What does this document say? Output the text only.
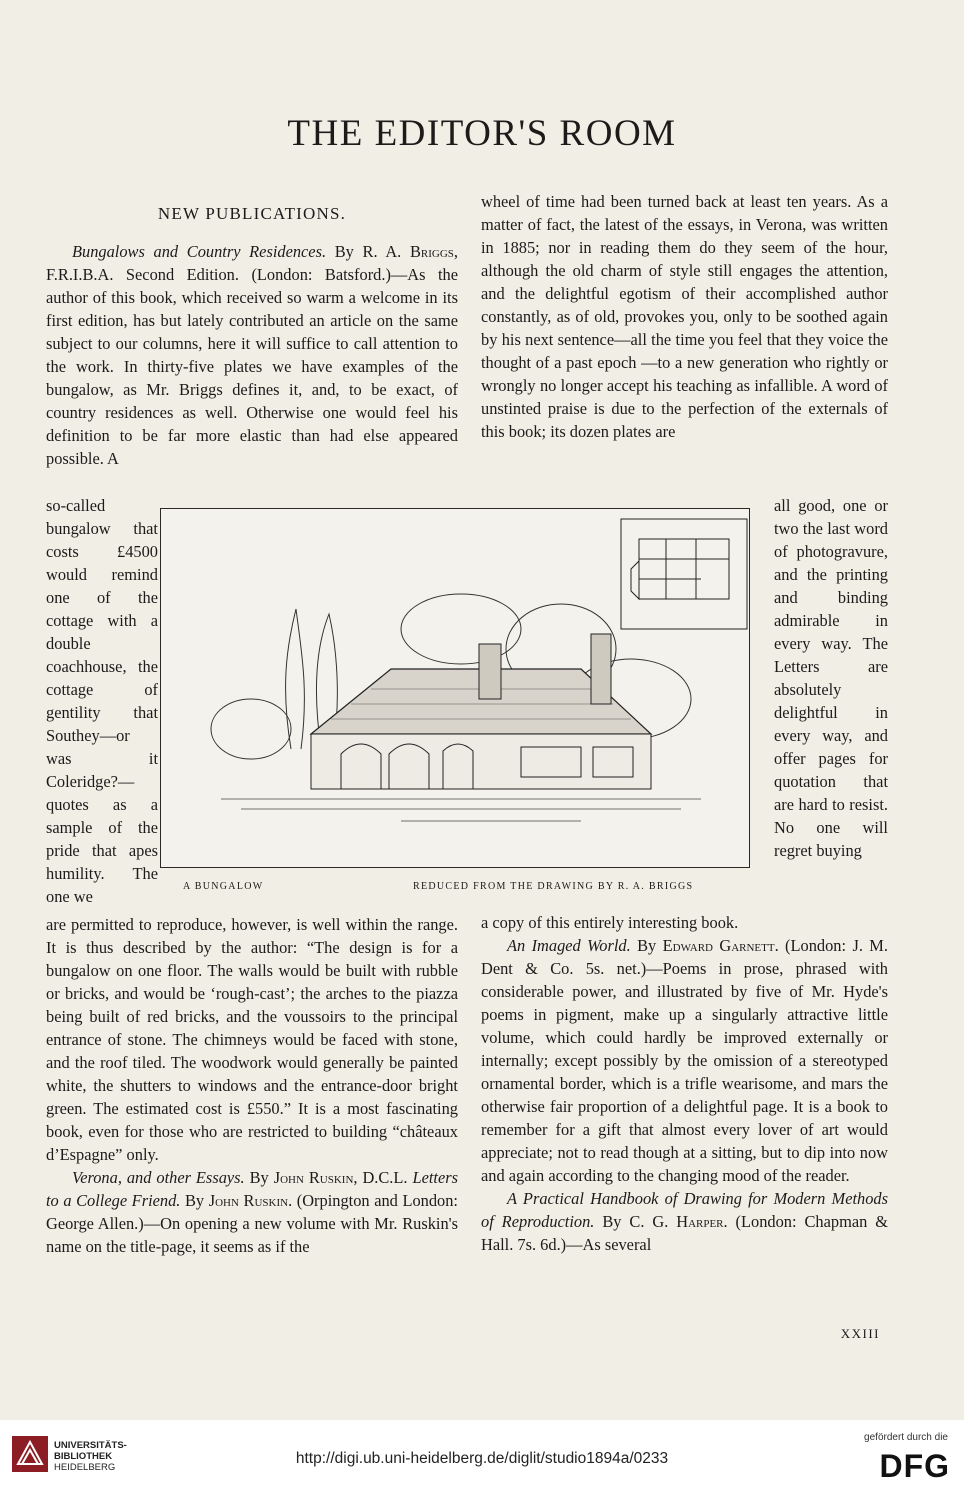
THE EDITOR'S ROOM
NEW PUBLICATIONS.

Bungalows and Country Residences. By R. A. Briggs, F.R.I.B.A. Second Edition. (London: Batsford.)—As the author of this book, which received so warm a welcome in its first edition, has but lately contributed an article on the same subject to our columns, here it will suffice to call attention to the work. In thirty-five plates we have examples of the bungalow, as Mr. Briggs defines it, and, to be exact, of country residences as well. Otherwise one would feel his definition to be far more elastic than had else appeared possible. A

so-called bungalow that costs £4500 would remind one of the cottage with a double coachhouse, the cottage of gentility that Southey—or was it Coleridge?—quotes as a sample of the pride that apes humility. The one we
A BUNGALOW	REDUCED FROM THE DRAWING BY R. A. BRIGGS

are permitted to reproduce, however, is well within the range. It is thus described by the author: “The design is for a bungalow on one floor. The walls would be built with rubble or bricks, and would be ‘rough-cast’; the arches to the piazza being built of red bricks, and the voussoirs to the principal entrance of stone. The chimneys would be faced with stone, and the roof tiled. The woodwork would generally be painted white, the shutters to windows and the entrance-door bright green. The estimated cost is £550.” It is a most fascinating book, even for those who are restricted to building “châteaux d’Espagne” only.

Verona, and other Essays. By John Ruskin, D.C.L. Letters to a College Friend. By John Ruskin. (Orpington and London: George Allen.)—On opening a new volume with Mr. Ruskin's name on the title-page, it seems as if the

wheel of time had been turned back at least ten years. As a matter of fact, the latest of the essays, in Verona, was written in 1885; nor in reading them do they seem of the hour, although the old charm of style still engages the attention, and the delightful egotism of their accomplished author constantly, as of old, provokes you, only to be soothed again by his next sentence—all the time you feel that they voice the thought of a past epoch —to a new generation who rightly or wrongly no longer accept his teaching as infallible. A word of unstinted praise is due to the perfection of the externals of this book; its dozen plates are

all good, one or two the last word of photogravure, and the printing and binding admirable in every way. The Letters are absolutely delightful in every way, and offer pages for quotation that are hard to resist. No one will regret buying

a copy of this entirely interesting book.

An Imaged World. By Edward Garnett. (London: J. M. Dent & Co. 5s. net.)—Poems in prose, phrased with considerable power, and illustrated by five of Mr. Hyde's poems in pigment, make up a singularly attractive little volume, which could hardly be improved externally or internally; except possibly by the omission of a stereotyped ornamental border, which is a trifle wearisome, and mars the otherwise fair proportion of a delightful page. It is a book to remember for a gift that almost every lover of art would appreciate; not to read though at a sitting, but to dip into now and again according to the changing mood of the reader.

A Practical Handbook of Drawing for Modern Methods of Reproduction. By C. G. Harper. (London: Chapman & Hall. 7s. 6d.)—As several

XXIII
UNIVERSITÄTS-
BIBLIOTHEK
HEIDELBERG
http://digi.ub.uni-heidelberg.de/diglit/studio1894a/0233
gefördert durch die
DFG
